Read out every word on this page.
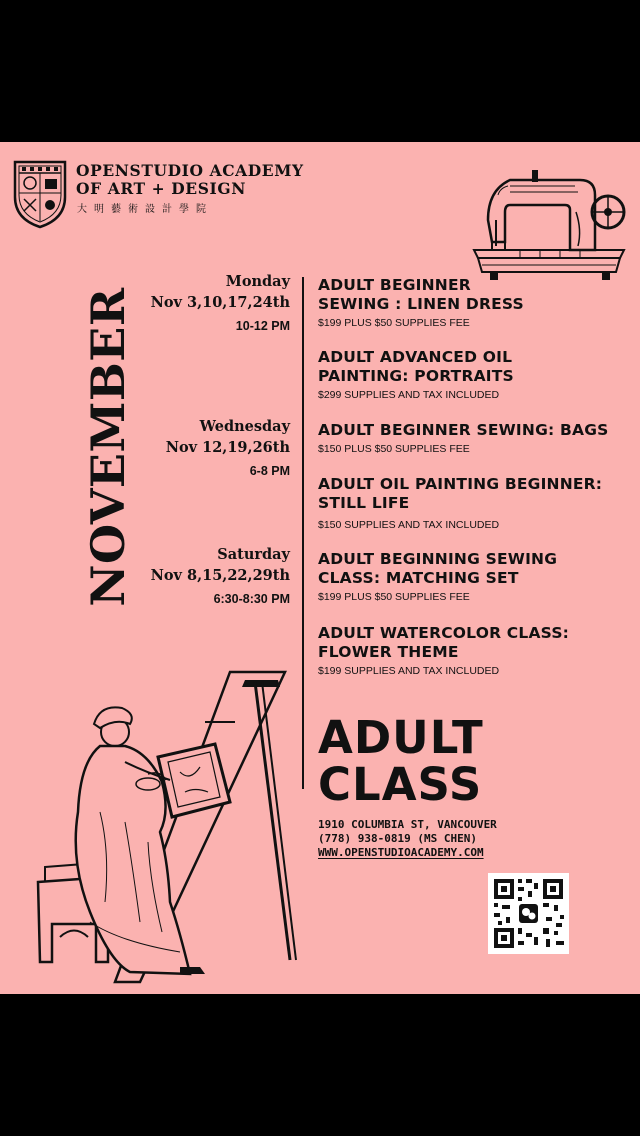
OPENSTUDIO ACADEMY
OF ART + DESIGN
大明藝術設計學院
NOVEMBER
Monday
Nov 3,10,17,24th
10-12 PM
Wednesday
Nov 12,19,26th
6-8 PM
Saturday
Nov 8,15,22,29th
6:30-8:30 PM
ADULT BEGINNER
SEWING : LINEN DRESS
$199 PLUS $50 SUPPLIES FEE
ADULT ADVANCED OIL
PAINTING: PORTRAITS
$299 SUPPLIES AND TAX INCLUDED
ADULT BEGINNER SEWING: BAGS
$150 PLUS $50 SUPPLIES FEE
ADULT OIL PAINTING BEGINNER:
STILL LIFE
$150 SUPPLIES AND TAX INCLUDED
ADULT BEGINNING SEWING
CLASS: MATCHING SET
$199 PLUS $50 SUPPLIES FEE
ADULT WATERCOLOR CLASS:
FLOWER THEME
$199 SUPPLIES AND TAX INCLUDED
ADULT
CLASS
1910 COLUMBIA ST, VANCOUVER
(778) 938-0819 (MS CHEN)
WWW.OPENSTUDIOACADEMY.COM
